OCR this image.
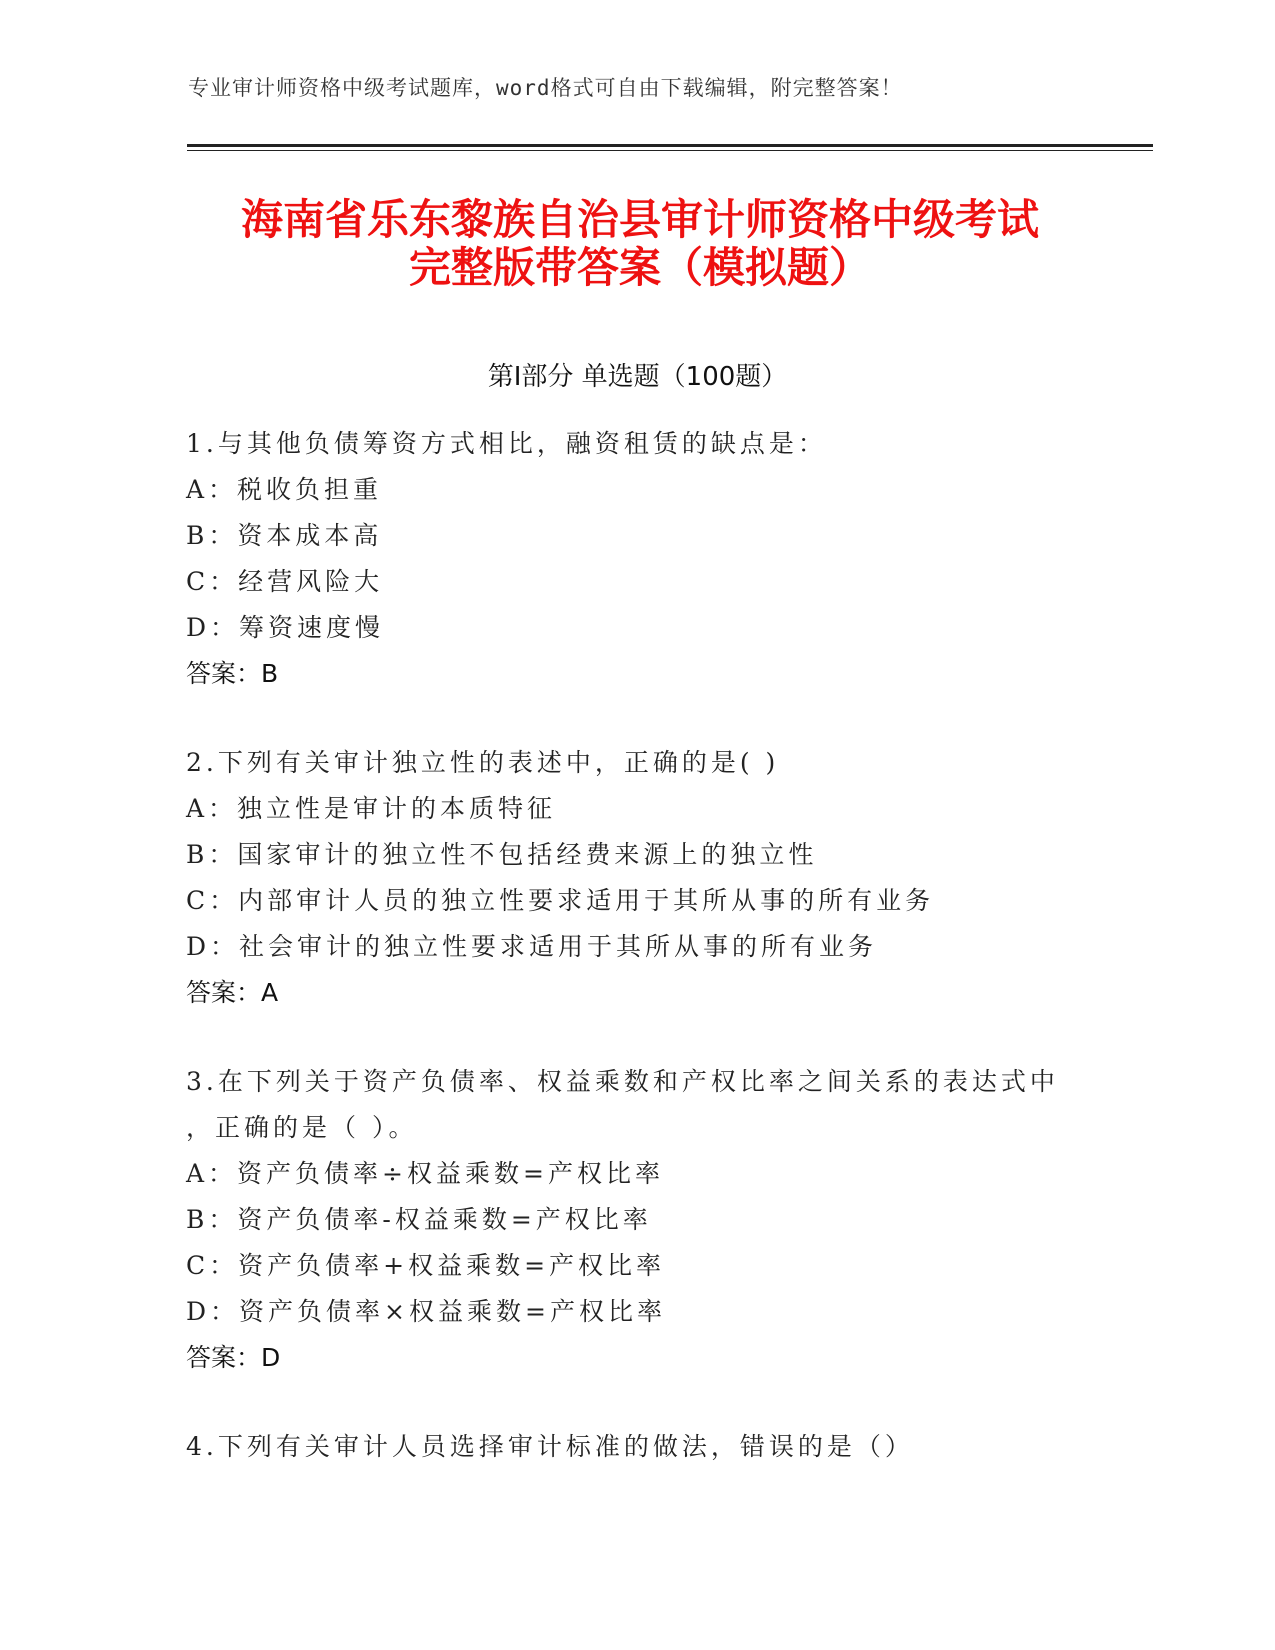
专业审计师资格中级考试题库，word格式可自由下载编辑，附完整答案！
海南省乐东黎族自治县审计师资格中级考试
完整版带答案（模拟题）
第Ⅰ部分 单选题（100题）
1.与其他负债筹资方式相比，融资租赁的缺点是：
A：税收负担重
B：资本成本高
C：经营风险大
D：筹资速度慢
答案：B
2.下列有关审计独立性的表述中，正确的是( )
A：独立性是审计的本质特征
B：国家审计的独立性不包括经费来源上的独立性
C：内部审计人员的独立性要求适用于其所从事的所有业务
D：社会审计的独立性要求适用于其所从事的所有业务
答案：A
3.在下列关于资产负债率、权益乘数和产权比率之间关系的表达式中
，正确的是（ ）。
A：资产负债率÷权益乘数=产权比率
B：资产负债率-权益乘数=产权比率
C：资产负债率+权益乘数=产权比率
D：资产负债率×权益乘数=产权比率
答案：D
4.下列有关审计人员选择审计标准的做法，错误的是（）
